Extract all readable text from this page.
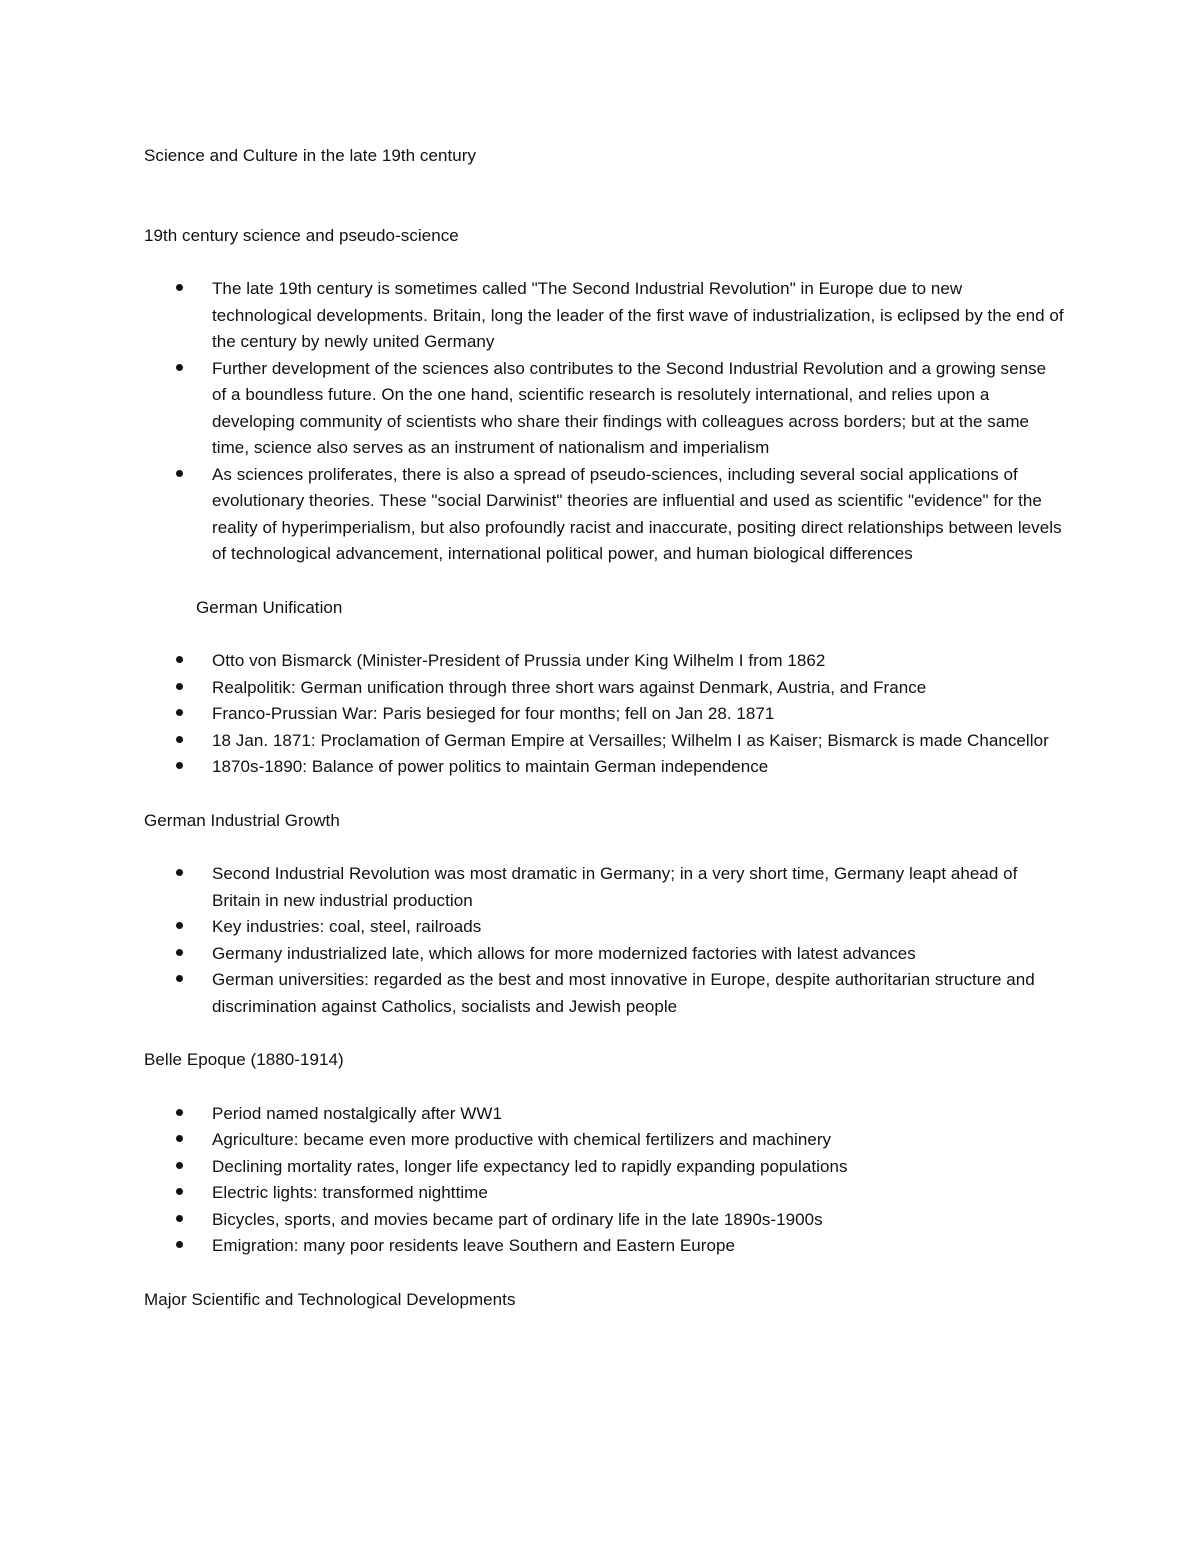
Science and Culture in the late 19th century

19th century science and pseudo-science

The late 19th century is sometimes called "The Second Industrial Revolution" in Europe due to new technological developments. Britain, long the leader of the first wave of industrialization, is eclipsed by the end of the century by newly united Germany
Further development of the sciences also contributes to the Second Industrial Revolution and a growing sense of a boundless future. On the one hand, scientific research is resolutely international, and relies upon a developing community of scientists who share their findings with colleagues across borders; but at the same time, science also serves as an instrument of nationalism and imperialism
As sciences proliferates, there is also a spread of pseudo-sciences, including several social applications of evolutionary theories. These "social Darwinist" theories are influential and used as scientific "evidence" for the reality of hyperimperialism, but also profoundly racist and inaccurate, positing direct relationships between levels of technological advancement, international political power, and human biological differences

German Unification

Otto von Bismarck (Minister-President of Prussia under King Wilhelm I from 1862
Realpolitik: German unification through three short wars against Denmark, Austria, and France
Franco-Prussian War: Paris besieged for four months; fell on Jan 28. 1871
18 Jan. 1871: Proclamation of German Empire at Versailles; Wilhelm I as Kaiser; Bismarck is made Chancellor
1870s-1890: Balance of power politics to maintain German independence

German Industrial Growth

Second Industrial Revolution was most dramatic in Germany; in a very short time, Germany leapt ahead of Britain in new industrial production
Key industries: coal, steel, railroads
Germany industrialized late, which allows for more modernized factories with latest advances
German universities: regarded as the best and most innovative in Europe, despite authoritarian structure and discrimination against Catholics, socialists and Jewish people

Belle Epoque (1880-1914)

Period named nostalgically after WW1
Agriculture: became even more productive with chemical fertilizers and machinery
Declining mortality rates, longer life expectancy led to rapidly expanding populations
Electric lights: transformed nighttime
Bicycles, sports, and movies became part of ordinary life in the late 1890s-1900s
Emigration: many poor residents leave Southern and Eastern Europe

Major Scientific and Technological Developments
